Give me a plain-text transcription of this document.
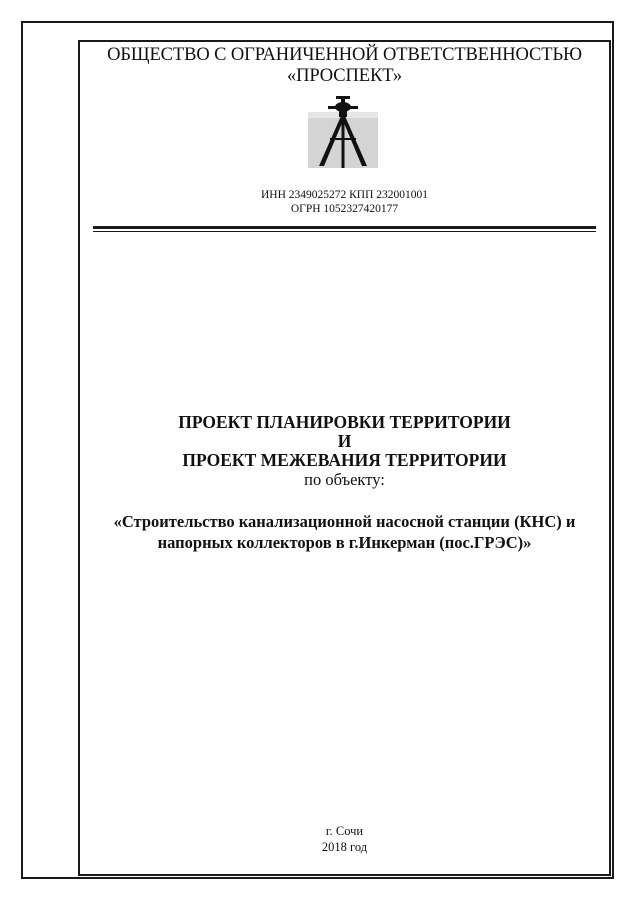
ОБЩЕСТВО С ОГРАНИЧЕННОЙ ОТВЕТСТВЕННОСТЬЮ
«ПРОСПЕКТ»
ИНН 2349025272 КПП 232001001
ОГРН 1052327420177
ПРОЕКТ ПЛАНИРОВКИ ТЕРРИТОРИИ
И
ПРОЕКТ МЕЖЕВАНИЯ ТЕРРИТОРИИ
по объекту:
«Строительство канализационной насосной станции (КНС) и
напорных коллекторов в г.Инкерман (пос.ГРЭС)»
г. Сочи
2018 год
